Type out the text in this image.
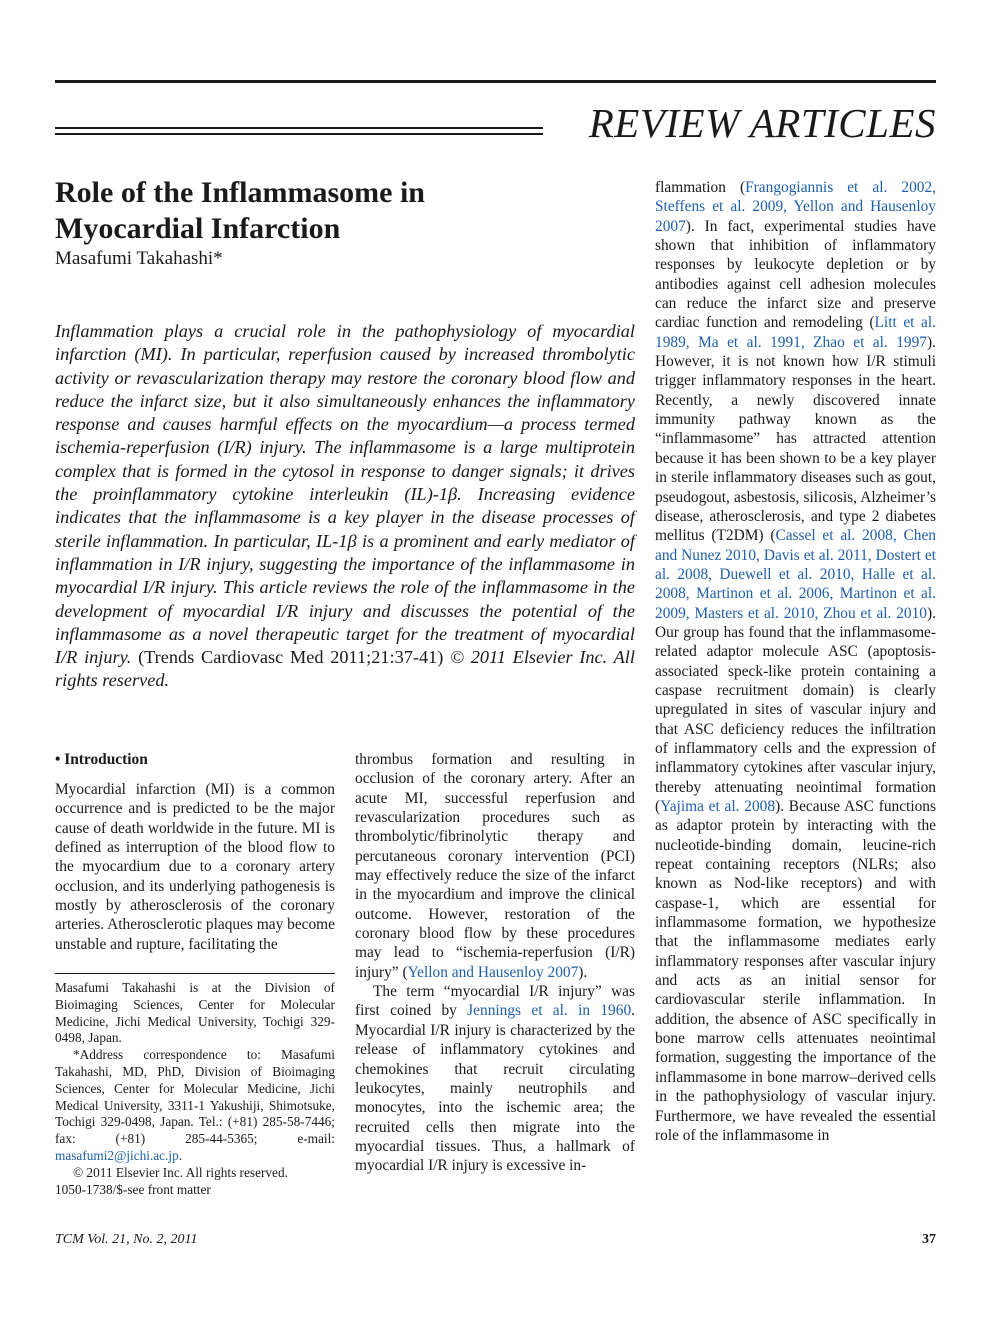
REVIEW ARTICLES
Role of the Inflammasome in Myocardial Infarction
Masafumi Takahashi*
Inflammation plays a crucial role in the pathophysiology of myocardial infarction (MI). In particular, reperfusion caused by increased thrombolytic activity or revascularization therapy may restore the coronary blood flow and reduce the infarct size, but it also simultaneously enhances the inflammatory response and causes harmful effects on the myocardium—a process termed ischemia-reperfusion (I/R) injury. The inflammasome is a large multiprotein complex that is formed in the cytosol in response to danger signals; it drives the proinflammatory cytokine interleukin (IL)-1β. Increasing evidence indicates that the inflammasome is a key player in the disease processes of sterile inflammation. In particular, IL-1β is a prominent and early mediator of inflammation in I/R injury, suggesting the importance of the inflammasome in myocardial I/R injury. This article reviews the role of the inflammasome in the development of myocardial I/R injury and discusses the potential of the inflammasome as a novel therapeutic target for the treatment of myocardial I/R injury. (Trends Cardiovasc Med 2011;21:37-41) © 2011 Elsevier Inc. All rights reserved.

• Introduction

Myocardial infarction (MI) is a common occurrence and is predicted to be the major cause of death worldwide in the future. MI is defined as interruption of the blood flow to the myocardium due to a coronary artery occlusion, and its underlying pathogenesis is mostly by atherosclerosis of the coronary arteries. Atherosclerotic plaques may become unstable and rupture, facilitating the

Masafumi Takahashi is at the Division of Bioimaging Sciences, Center for Molecular Medicine, Jichi Medical University, Tochigi 329-0498, Japan.

*Address correspondence to: Masafumi Takahashi, MD, PhD, Division of Bioimaging Sciences, Center for Molecular Medicine, Jichi Medical University, 3311-1 Yakushiji, Shimotsuke, Tochigi 329-0498, Japan. Tel.: (+81) 285-58-7446; fax: (+81) 285-44-5365; e-mail: masafumi2@jichi.ac.jp.

© 2011 Elsevier Inc. All rights reserved.

1050-1738/$-see front matter

thrombus formation and resulting in occlusion of the coronary artery. After an acute MI, successful reperfusion and revascularization procedures such as thrombolytic/fibrinolytic therapy and percutaneous coronary intervention (PCI) may effectively reduce the size of the infarct in the myocardium and improve the clinical outcome. However, restoration of the coronary blood flow by these procedures may lead to “ischemia-reperfusion (I/R) injury” (Yellon and Hausenloy 2007).

The term “myocardial I/R injury” was first coined by Jennings et al. in 1960. Myocardial I/R injury is characterized by the release of inflammatory cytokines and chemokines that recruit circulating leukocytes, mainly neutrophils and monocytes, into the ischemic area; the recruited cells then migrate into the myocardial tissues. Thus, a hallmark of myocardial I/R injury is excessive in-

flammation (Frangogiannis et al. 2002, Steffens et al. 2009, Yellon and Hausenloy 2007). In fact, experimental studies have shown that inhibition of inflammatory responses by leukocyte depletion or by antibodies against cell adhesion molecules can reduce the infarct size and preserve cardiac function and remodeling (Litt et al. 1989, Ma et al. 1991, Zhao et al. 1997). However, it is not known how I/R stimuli trigger inflammatory responses in the heart. Recently, a newly discovered innate immunity pathway known as the “inflammasome” has attracted attention because it has been shown to be a key player in sterile inflammatory diseases such as gout, pseudogout, asbestosis, silicosis, Alzheimer’s disease, atherosclerosis, and type 2 diabetes mellitus (T2DM) (Cassel et al. 2008, Chen and Nunez 2010, Davis et al. 2011, Dostert et al. 2008, Duewell et al. 2010, Halle et al. 2008, Martinon et al. 2006, Martinon et al. 2009, Masters et al. 2010, Zhou et al. 2010). Our group has found that the inflammasome-related adaptor molecule ASC (apoptosis-associated speck-like protein containing a caspase recruitment domain) is clearly upregulated in sites of vascular injury and that ASC deficiency reduces the infiltration of inflammatory cells and the expression of inflammatory cytokines after vascular injury, thereby attenuating neointimal formation (Yajima et al. 2008). Because ASC functions as adaptor protein by interacting with the nucleotide-binding domain, leucine-rich repeat containing receptors (NLRs; also known as Nod-like receptors) and with caspase-1, which are essential for inflammasome formation, we hypothesize that the inflammasome mediates early inflammatory responses after vascular injury and acts as an initial sensor for cardiovascular sterile inflammation. In addition, the absence of ASC specifically in bone marrow cells attenuates neointimal formation, suggesting the importance of the inflammasome in bone marrow–derived cells in the pathophysiology of vascular injury. Furthermore, we have revealed the essential role of the inflammasome in

TCM Vol. 21, No. 2, 2011	37
